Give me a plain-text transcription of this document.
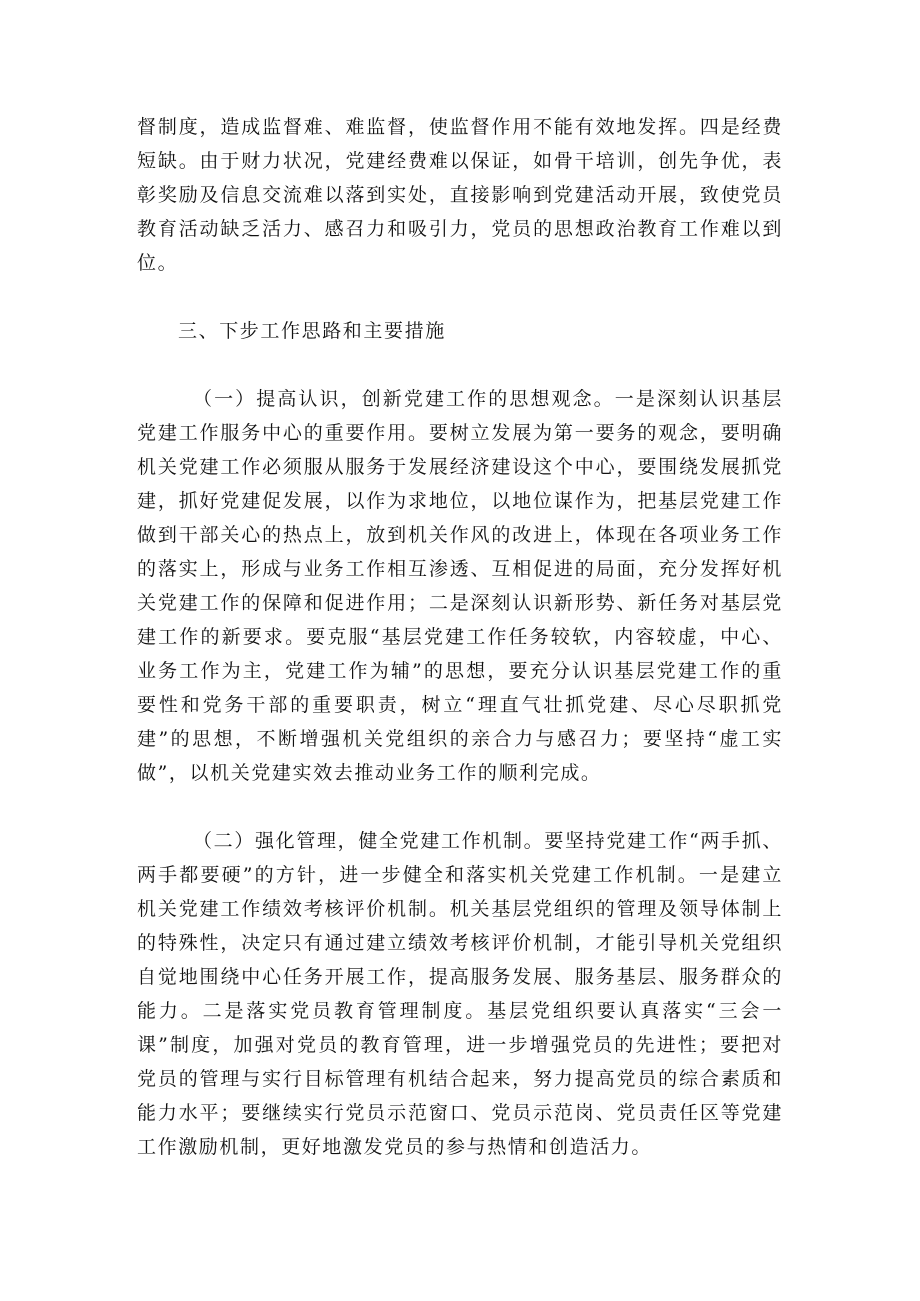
督制度，造成监督难、难监督，使监督作用不能有效地发挥。四是经费短缺。由于财力状况，党建经费难以保证，如骨干培训，创先争优，表彰奖励及信息交流难以落到实处，直接影响到党建活动开展，致使党员教育活动缺乏活力、感召力和吸引力，党员的思想政治教育工作难以到位。

三、下步工作思路和主要措施

（一）提高认识，创新党建工作的思想观念。一是深刻认识基层党建工作服务中心的重要作用。要树立发展为第一要务的观念，要明确机关党建工作必须服从服务于发展经济建设这个中心，要围绕发展抓党建，抓好党建促发展，以作为求地位，以地位谋作为，把基层党建工作做到干部关心的热点上，放到机关作风的改进上，体现在各项业务工作的落实上，形成与业务工作相互渗透、互相促进的局面，充分发挥好机关党建工作的保障和促进作用；二是深刻认识新形势、新任务对基层党建工作的新要求。要克服“基层党建工作任务较软，内容较虚，中心、业务工作为主，党建工作为辅”的思想，要充分认识基层党建工作的重要性和党务干部的重要职责，树立“理直气壮抓党建、尽心尽职抓党建”的思想，不断增强机关党组织的亲合力与感召力；要坚持“虚工实做”，以机关党建实效去推动业务工作的顺利完成。

（二）强化管理，健全党建工作机制。要坚持党建工作“两手抓、两手都要硬”的方针，进一步健全和落实机关党建工作机制。一是建立机关党建工作绩效考核评价机制。机关基层党组织的管理及领导体制上的特殊性，决定只有通过建立绩效考核评价机制，才能引导机关党组织自觉地围绕中心任务开展工作，提高服务发展、服务基层、服务群众的能力。二是落实党员教育管理制度。基层党组织要认真落实“三会一课”制度，加强对党员的教育管理，进一步增强党员的先进性；要把对党员的管理与实行目标管理有机结合起来，努力提高党员的综合素质和能力水平；要继续实行党员示范窗口、党员示范岗、党员责任区等党建工作激励机制，更好地激发党员的参与热情和创造活力。
